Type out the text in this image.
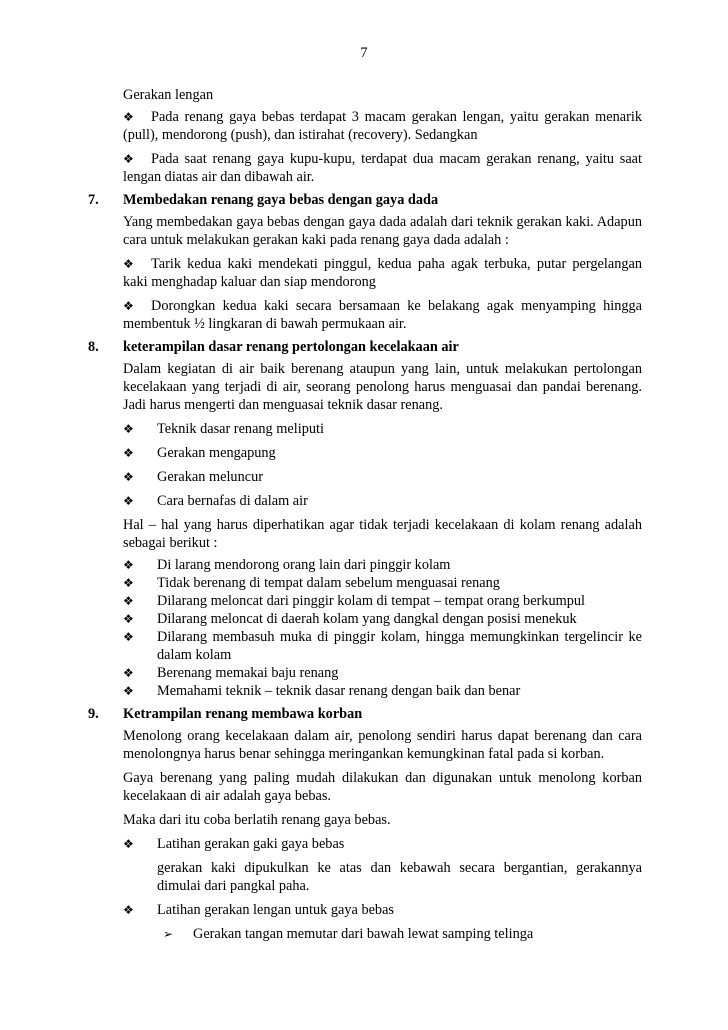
7
Gerakan lengan
❖ Pada renang gaya bebas terdapat 3 macam gerakan lengan, yaitu gerakan menarik (pull), mendorong (push), dan istirahat (recovery). Sedangkan
❖ Pada saat renang gaya kupu-kupu, terdapat dua macam gerakan renang, yaitu saat lengan diatas air dan dibawah air.
7. Membedakan renang gaya bebas dengan gaya dada
Yang membedakan gaya bebas dengan gaya dada adalah dari teknik gerakan kaki. Adapun cara untuk melakukan gerakan kaki pada renang gaya dada adalah :
❖ Tarik kedua kaki mendekati pinggul, kedua paha agak terbuka, putar pergelangan kaki menghadap kaluar dan siap mendorong
❖ Dorongkan kedua kaki secara bersamaan ke belakang agak menyamping hingga membentuk ½ lingkaran di bawah permukaan air.
8. keterampilan dasar renang pertolongan kecelakaan air
Dalam kegiatan di air baik berenang ataupun yang lain, untuk melakukan pertolongan kecelakaan yang terjadi di air, seorang penolong harus menguasai dan pandai berenang. Jadi harus mengerti dan menguasai teknik dasar renang.
❖ Teknik dasar renang meliputi
❖ Gerakan mengapung
❖ Gerakan meluncur
❖ Cara bernafas di dalam air
Hal – hal yang harus diperhatikan agar tidak terjadi kecelakaan di kolam renang adalah sebagai berikut :
❖ Di larang mendorong orang lain dari pinggir kolam
❖ Tidak berenang di tempat dalam sebelum menguasai renang
❖ Dilarang meloncat dari pinggir kolam di tempat – tempat orang berkumpul
❖ Dilarang meloncat di daerah kolam yang dangkal dengan posisi menekuk
❖ Dilarang membasuh muka di pinggir kolam, hingga memungkinkan tergelincir ke dalam kolam
❖ Berenang memakai baju renang
❖ Memahami teknik – teknik dasar renang dengan baik dan benar
9. Ketrampilan renang membawa korban
Menolong orang kecelakaan dalam air, penolong sendiri harus dapat berenang dan cara menolongnya harus benar sehingga meringankan kemungkinan fatal pada si korban.
Gaya berenang yang paling mudah dilakukan dan digunakan untuk menolong korban kecelakaan di air adalah gaya bebas.
Maka dari itu coba berlatih renang gaya bebas.
❖ Latihan gerakan gaki gaya bebas
gerakan kaki dipukulkan ke atas dan kebawah secara bergantian, gerakannya dimulai dari pangkal paha.
❖ Latihan gerakan lengan untuk gaya bebas
➢ Gerakan tangan memutar dari bawah lewat samping telinga
